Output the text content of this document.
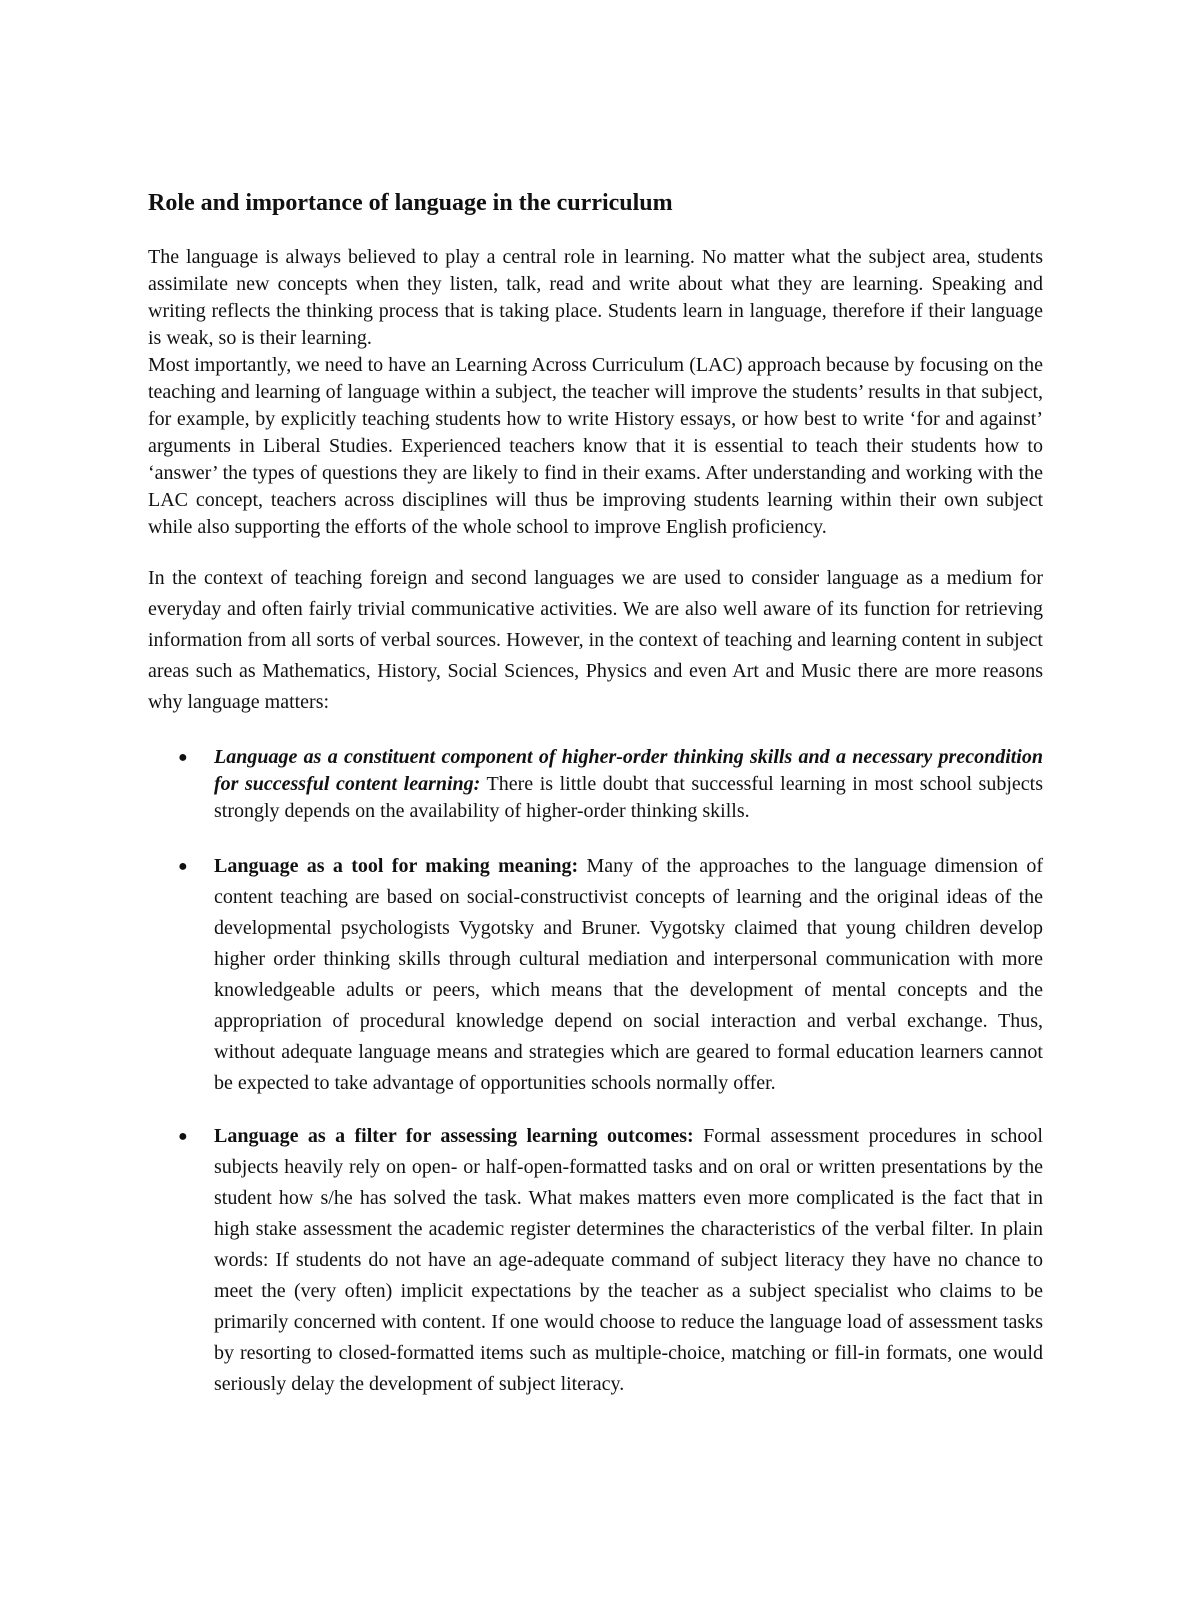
Role and importance of language in the curriculum

The language is always believed to play a central role in learning. No matter what the subject area, students assimilate new concepts when they listen, talk, read and write about what they are learning. Speaking and writing reflects the thinking process that is taking place. Students learn in language, therefore if their language is weak, so is their learning.

Most importantly, we need to have an Learning Across Curriculum (LAC) approach because by focusing on the teaching and learning of language within a subject, the teacher will improve the students’ results in that subject, for example, by explicitly teaching students how to write History essays, or how best to write ‘for and against’ arguments in Liberal Studies. Experienced teachers know that it is essential to teach their students how to ‘answer’ the types of questions they are likely to find in their exams. After understanding and working with the LAC concept, teachers across disciplines will thus be improving students learning within their own subject while also supporting the efforts of the whole school to improve English proficiency.

In the context of teaching foreign and second languages we are used to consider language as a medium for everyday and often fairly trivial communicative activities. We are also well aware of its function for retrieving information from all sorts of verbal sources. However, in the context of teaching and learning content in subject areas such as Mathematics, History, Social Sciences, Physics and even Art and Music there are more reasons why language matters:

● Language as a constituent component of higher-order thinking skills and a necessary precondition for successful content learning: There is little doubt that successful learning in most school subjects strongly depends on the availability of higher-order thinking skills.
● Language as a tool for making meaning: Many of the approaches to the language dimension of content teaching are based on social-constructivist concepts of learning and the original ideas of the developmental psychologists Vygotsky and Bruner. Vygotsky claimed that young children develop higher order thinking skills through cultural mediation and interpersonal communication with more knowledgeable adults or peers, which means that the development of mental concepts and the appropriation of procedural knowledge depend on social interaction and verbal exchange. Thus, without adequate language means and strategies which are geared to formal education learners cannot be expected to take advantage of opportunities schools normally offer.
● Language as a filter for assessing learning outcomes: Formal assessment procedures in school subjects heavily rely on open- or half-open-formatted tasks and on oral or written presentations by the student how s/he has solved the task. What makes matters even more complicated is the fact that in high stake assessment the academic register determines the characteristics of the verbal filter. In plain words: If students do not have an age-adequate command of subject literacy they have no chance to meet the (very often) implicit expectations by the teacher as a subject specialist who claims to be primarily concerned with content. If one would choose to reduce the language load of assessment tasks by resorting to closed-formatted items such as multiple-choice, matching or fill-in formats, one would seriously delay the development of subject literacy.
